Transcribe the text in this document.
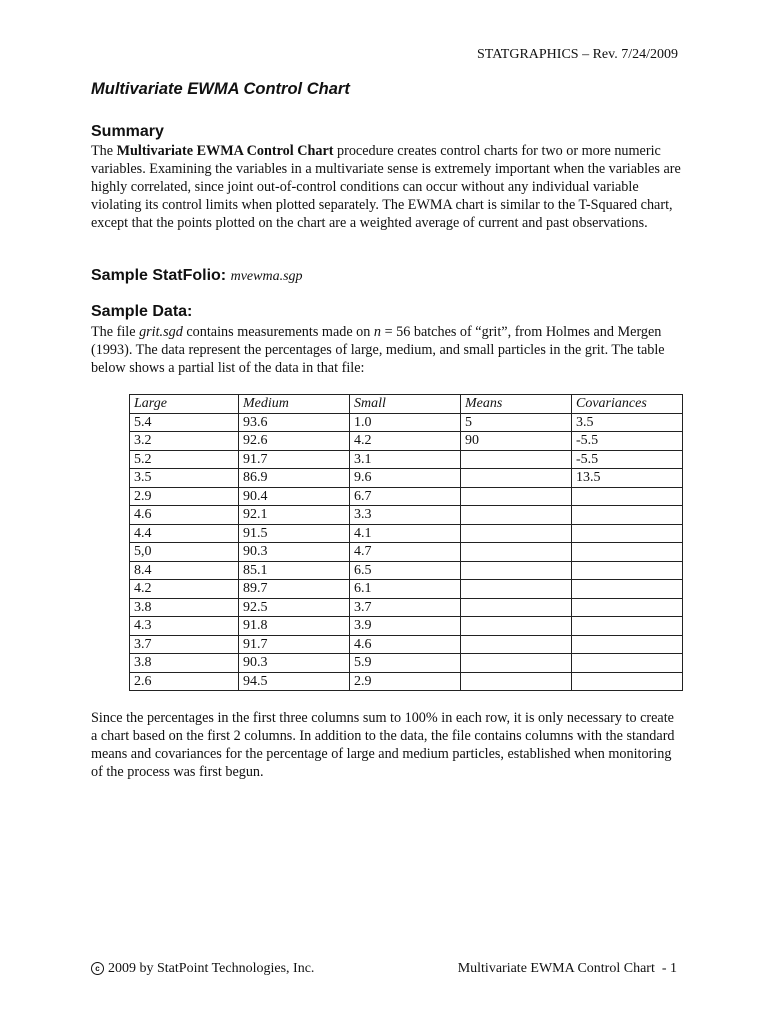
STATGRAPHICS – Rev. 7/24/2009
Multivariate EWMA Control Chart
Summary
The Multivariate EWMA Control Chart procedure creates control charts for two or more numeric variables. Examining the variables in a multivariate sense is extremely important when the variables are highly correlated, since joint out-of-control conditions can occur without any individual variable violating its control limits when plotted separately. The EWMA chart is similar to the T-Squared chart, except that the points plotted on the chart are a weighted average of current and past observations.
Sample StatFolio: mvewma.sgp
Sample Data:
The file grit.sgd contains measurements made on n = 56 batches of “grit”, from Holmes and Mergen (1993). The data represent the percentages of large, medium, and small particles in the grit. The table below shows a partial list of the data in that file:
Large	Medium	Small	Means	Covariances
5.4	93.6	1.0	5	3.5
3.2	92.6	4.2	90	-5.5
5.2	91.7	3.1		-5.5
3.5	86.9	9.6		13.5
2.9	90.4	6.7		
4.6	92.1	3.3		
4.4	91.5	4.1		
5,0	90.3	4.7		
8.4	85.1	6.5		
4.2	89.7	6.1		
3.8	92.5	3.7		
4.3	91.8	3.9		
3.7	91.7	4.6		
3.8	90.3	5.9		
2.6	94.5	2.9		
Since the percentages in the first three columns sum to 100% in each row, it is only necessary to create a chart based on the first 2 columns. In addition to the data, the file contains columns with the standard means and covariances for the percentage of large and medium particles, established when monitoring of the process was first begun.
c 2009 by StatPoint Technologies, Inc.	Multivariate EWMA Control Chart  - 1
